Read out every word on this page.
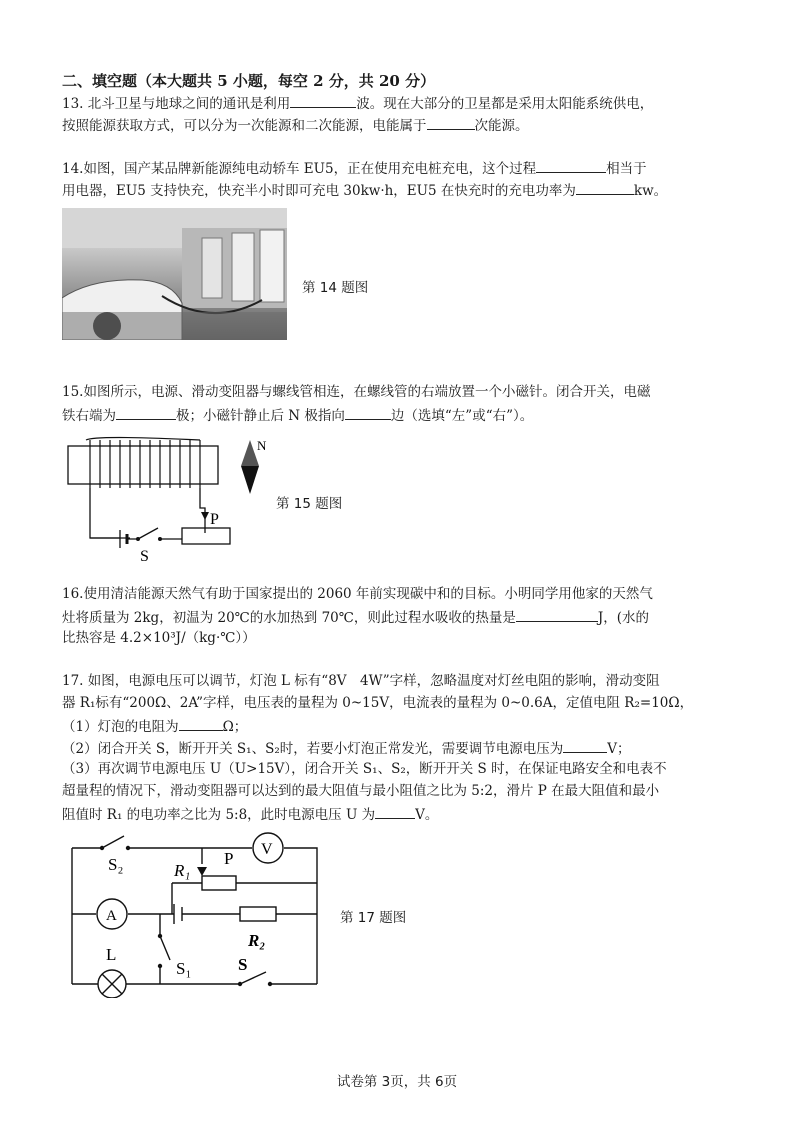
二、填空题（本大题共 5 小题，每空 2 分，共 20 分）
13. 北斗卫星与地球之间的通讯是利用	波。现在大部分的卫星都是采用太阳能系统供电，
按照能源获取方式，可以分为一次能源和二次能源，电能属于	次能源。
14.如图，国产某品牌新能源纯电动轿车 EU5，正在使用充电桩充电，这个过程	相当于
用电器，EU5 支持快充，快充半小时即可充电 30kw·h，EU5 在快充时的充电功率为	kw。
第 14 题图
15.如图所示，电源、滑动变阻器与螺线管相连，在螺线管的右端放置一个小磁针。闭合开关，电磁
铁右端为	极；小磁针静止后 N 极指向	边（选填“左”或“右”）。
P
S
N
第 15 题图
16.使用清洁能源天然气有助于国家提出的 2060 年前实现碳中和的目标。小明同学用他家的天然气
灶将质量为 2kg，初温为 20℃的水加热到 70℃，则此过程水吸收的热量是	J，(水的
比热容是 4.2×10³J/（kg·℃））
17. 如图，电源电压可以调节，灯泡 L 标有“8V　4W”字样，忽略温度对灯丝电阻的影响，滑动变阻
器 R₁标有“200Ω、2A”字样，电压表的量程为 0~15V，电流表的量程为 0~0.6A，定值电阻 R₂=10Ω，
（1）灯泡的电阻为	Ω；
（2）闭合开关 S，断开开关 S₁、S₂时，若要小灯泡正常发光，需要调节电源电压为	V；
（3）再次调节电源电压 U（U>15V），闭合开关 S₁、S₂，断开开关 S 时，在保证电路安全和电表不
超量程的情况下，滑动变阻器可以达到的最大阻值与最小阻值之比为 5:2，滑片 P 在最大阻值和最小
阻值时 R₁ 的电功率之比为 5:8，此时电源电压 U 为	V。
S₂	R₁
P V
A
R₂
L
S₁	S
第 17 题图
试卷第 3页，共 6页
